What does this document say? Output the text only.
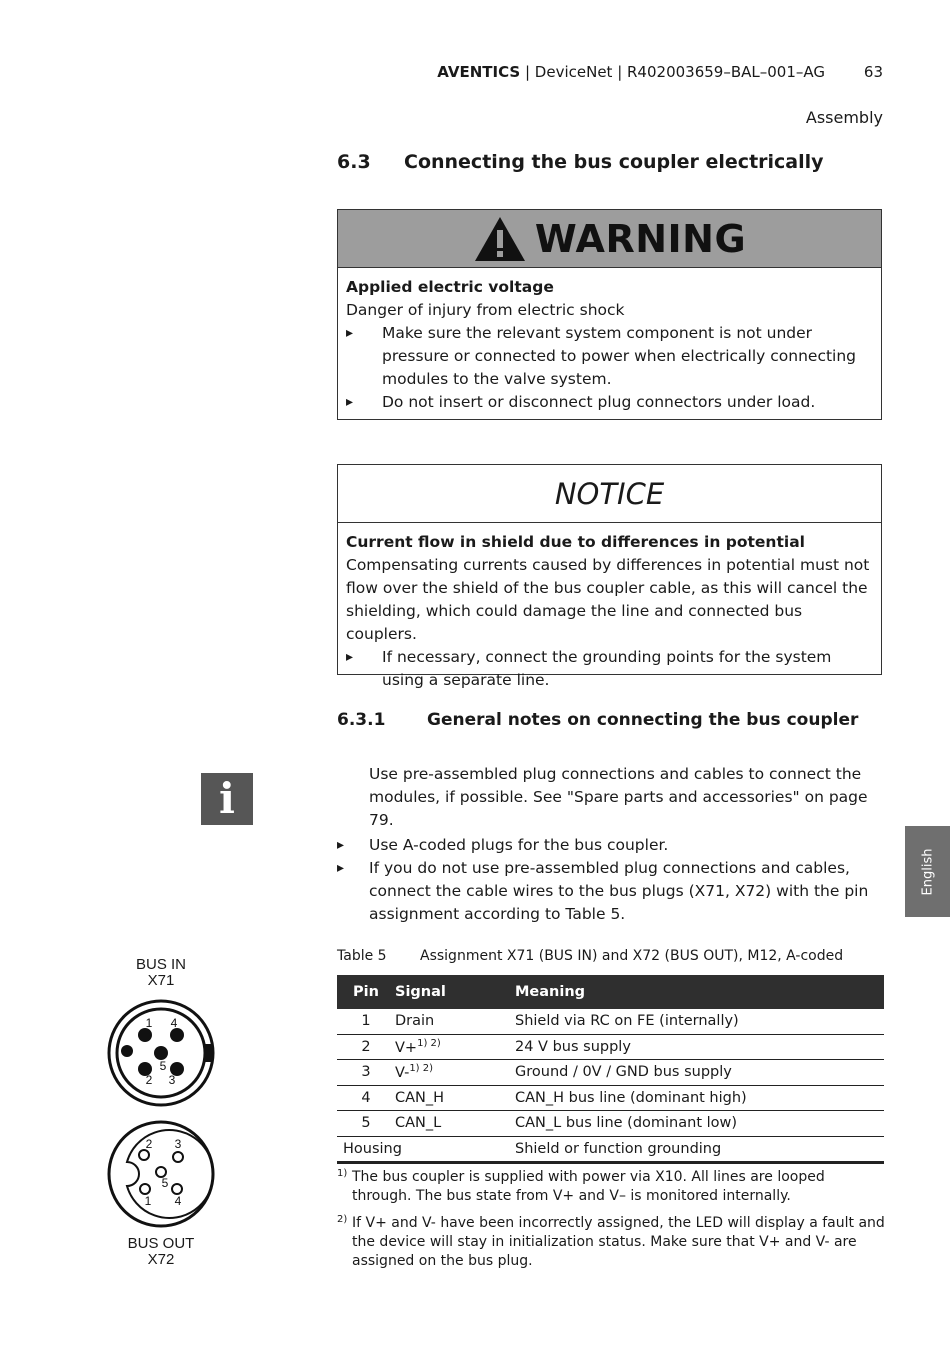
AVENTICS | DeviceNet | R402003659–BAL–001–AG	63
Assembly
6.3 Connecting the bus coupler electrically
WARNING
Applied electric voltage
Danger of injury from electric shock
▸ Make sure the relevant system component is not under pressure or connected to power when electrically connecting modules to the valve system.
▸ Do not insert or disconnect plug connectors under load.
NOTICE
Current flow in shield due to differences in potential
Compensating currents caused by differences in potential must not flow over the shield of the bus coupler cable, as this will cancel the shielding, which could damage the line and connected bus couplers.
▸ If necessary, connect the grounding points for the system using a separate line.
6.3.1 General notes on connecting the bus coupler
i	Use pre-assembled plug connections and cables to connect the modules, if possible. See "Spare parts and accessories" on page 79.
▸ Use A-coded plugs for the bus coupler.
▸ If you do not use pre-assembled plug connections and cables, connect the cable wires to the bus plugs (X71, X72) with the pin assignment according to Table 5.
English
Table 5 Assignment X71 (BUS IN) and X72 (BUS OUT), M12, A-coded
Pin	Signal	Meaning
1	Drain	Shield via RC on FE (internally)
2	V+$^{1) 2)}$	24 V bus supply
3	V-$^{1) 2)}$	Ground / 0V / GND bus supply
4	CAN_H	CAN_H bus line (dominant high)
5	CAN_L	CAN_L bus line (dominant low)
Housing		Shield or function grounding
1) The bus coupler is supplied with power via X10. All lines are looped through. The bus state from V+ and V– is monitored internally.
2) If V+ and V- have been incorrectly assigned, the LED will display a fault and the device will stay in initialization status. Make sure that V+ and V- are assigned on the bus plug.
BUS IN
X71
1 4
5
2 3
2 3
5
1 4
BUS OUT
X72
